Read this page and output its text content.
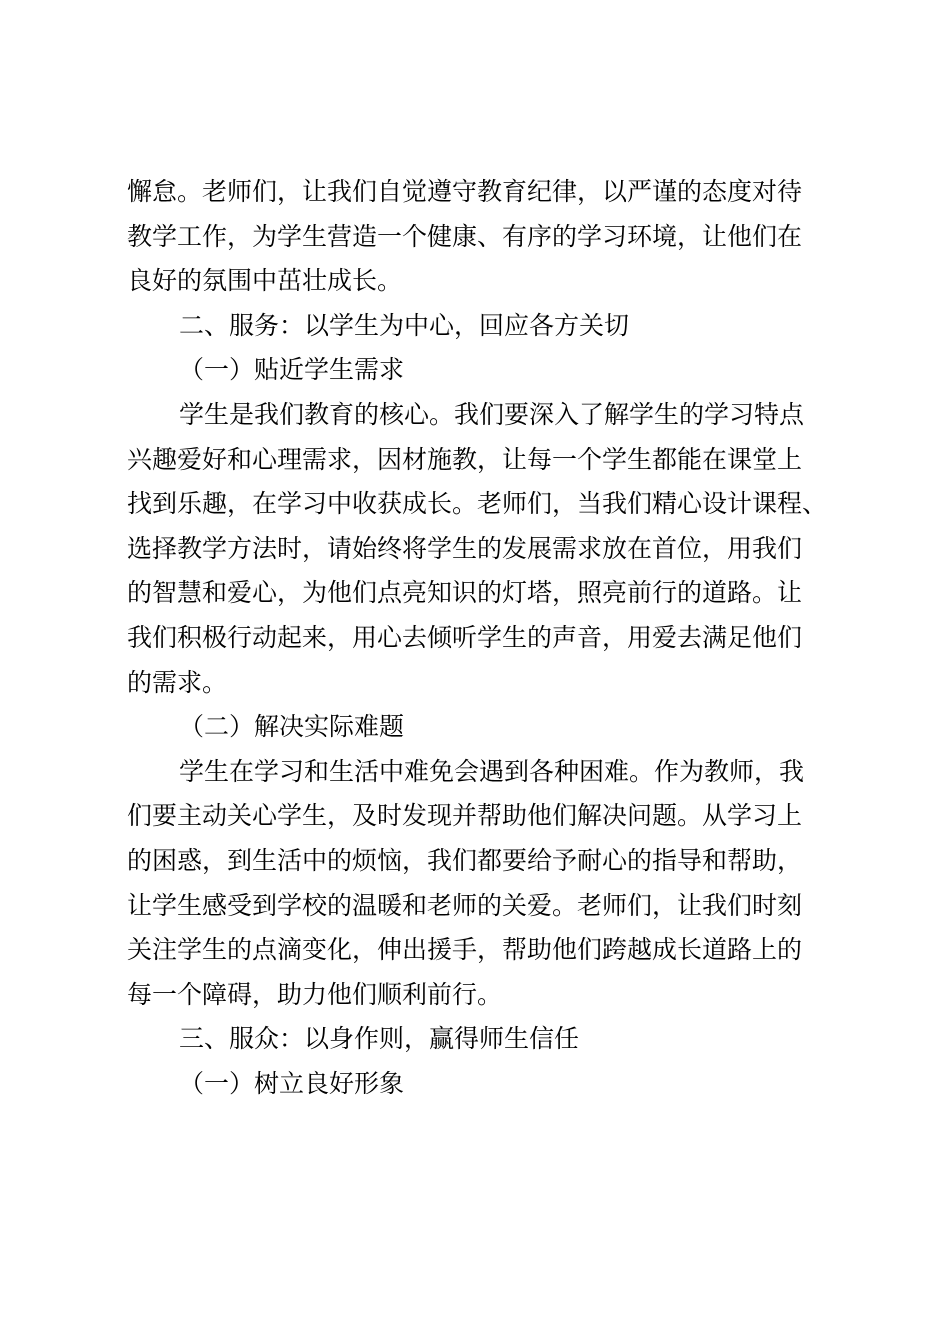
懈怠。老师们，让我们自觉遵守教育纪律，以严谨的态度对待
教学工作，为学生营造一个健康、有序的学习环境，让他们在
良好的氛围中茁壮成长。
二、服务：以学生为中心，回应各方关切
（一）贴近学生需求
学生是我们教育的核心。我们要深入了解学生的学习特点
兴趣爱好和心理需求，因材施教，让每一个学生都能在课堂上
找到乐趣，在学习中收获成长。老师们，当我们精心设计课程、
选择教学方法时，请始终将学生的发展需求放在首位，用我们
的智慧和爱心，为他们点亮知识的灯塔，照亮前行的道路。让
我们积极行动起来，用心去倾听学生的声音，用爱去满足他们
的需求。
（二）解决实际难题
学生在学习和生活中难免会遇到各种困难。作为教师，我
们要主动关心学生，及时发现并帮助他们解决问题。从学习上
的困惑，到生活中的烦恼，我们都要给予耐心的指导和帮助，
让学生感受到学校的温暖和老师的关爱。老师们，让我们时刻
关注学生的点滴变化，伸出援手，帮助他们跨越成长道路上的
每一个障碍，助力他们顺利前行。
三、服众：以身作则，赢得师生信任
（一）树立良好形象
